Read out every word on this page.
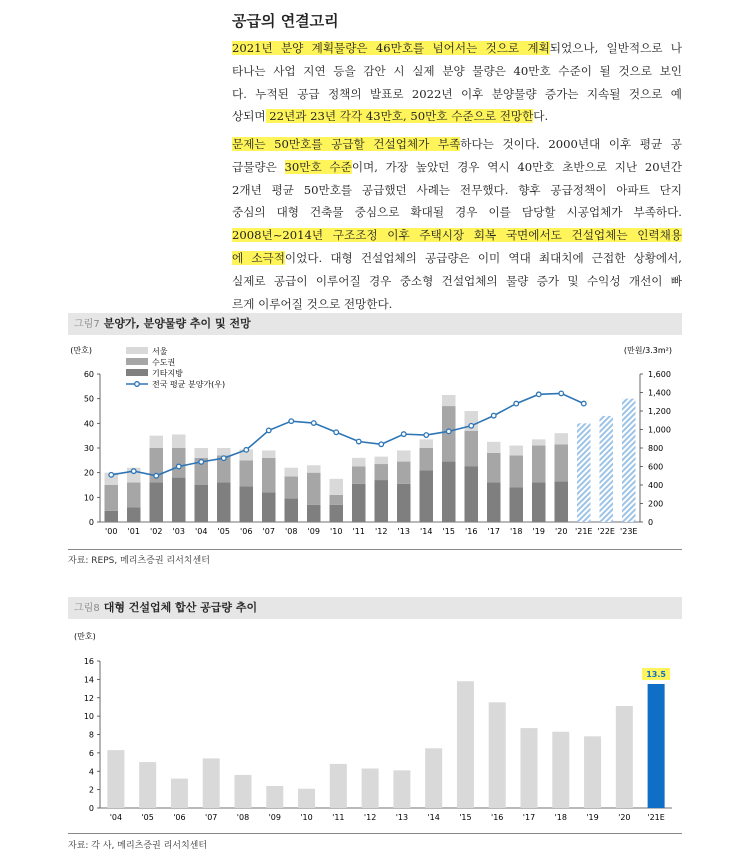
공급의 연결고리
2021년 분양 계획물량은 46만호를 넘어서는 것으로 계획되었으나, 일반적으로 나
타나는 사업 지연 등을 감안 시 실제 분양 물량은 40만호 수준이 될 것으로 보인
다. 누적된 공급 정책의 발표로 2022년 이후 분양물량 증가는 지속될 것으로 예
상되며 22년과 23년 각각 43만호, 50만호 수준으로 전망한다.
문제는 50만호를 공급할 건설업체가 부족하다는 것이다. 2000년대 이후 평균 공
급물량은 30만호 수준이며, 가장 높았던 경우 역시 40만호 초반으로 지난 20년간
2개년 평균 50만호를 공급했던 사례는 전무했다. 향후 공급정책이 아파트 단지
중심의 대형 건축물 중심으로 확대될 경우 이를 담당할 시공업체가 부족하다.
2008년~2014년 구조조정 이후 주택시장 회복 국면에서도 건설업체는 인력채용
에 소극적이었다. 대형 건설업체의 공급량은 이미 역대 최대치에 근접한 상황에서,
실제로 공급이 이루어질 경우 중소형 건설업체의 물량 증가 및 수익성 개선이 빠
르게 이루어질 것으로 전망한다.
그림7 분양가, 분양물량 추이 및 전망
(만호)	(만원/3.3m²)
0
10
20
30
40
50
60
0
200
400
600
800
1,000
1,200
1,400
1,600
'00 '01 '02 '03 '04 '05 '06 '07 '08 '09 '10 '11 '12 '13 '14 '15 '16 '17 '18 '19 '20 '21E '22E '23E
서울
수도권
기타지방
전국 평균 분양가(우)
자료: REPS, 메리츠증권 리서치센터
그림8 대형 건설업체 합산 공급량 추이
(만호)
0
2
4
6
8
10
12
14
16
'04 '05 '06 '07 '08 '09 '10 '11 '12 '13 '14 '15 '16 '17 '18 '19 '20 '21E
13.5
자료: 각 사, 메리츠증권 리서치센터
